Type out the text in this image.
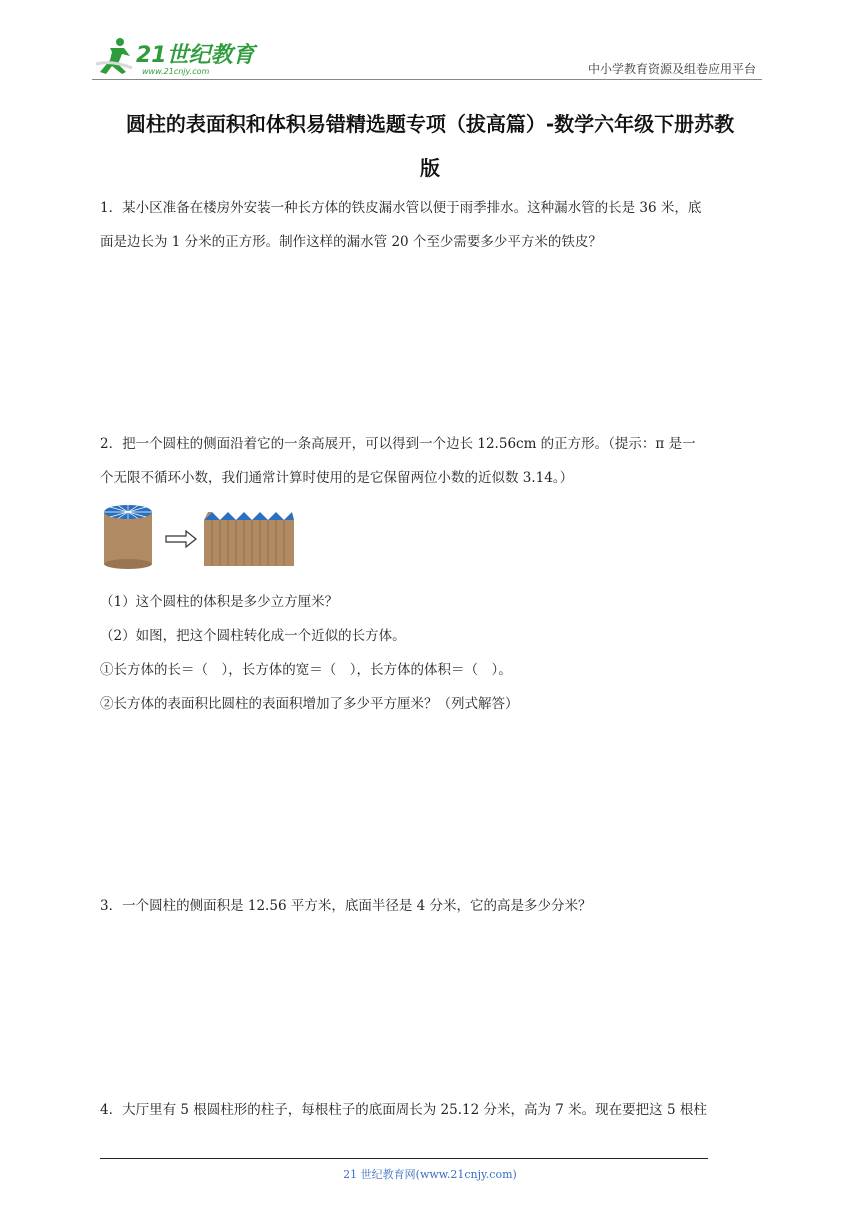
21世纪教育
www.21cnjy.com	中小学教育资源及组卷应用平台
圆柱的表面积和体积易错精选题专项（拔高篇）-数学六年级下册苏教
版
1．某小区准备在楼房外安装一种长方体的铁皮漏水管以便于雨季排水。这种漏水管的长是 36 米，底
面是边长为 1 分米的正方形。制作这样的漏水管 20 个至少需要多少平方米的铁皮？
2．把一个圆柱的侧面沿着它的一条高展开，可以得到一个边长 12.56cm 的正方形。（提示：π 是一
个无限不循环小数，我们通常计算时使用的是它保留两位小数的近似数 3.14。）
（1）这个圆柱的体积是多少立方厘米？
（2）如图，把这个圆柱转化成一个近似的长方体。
①长方体的长＝（　），长方体的宽＝（　），长方体的体积＝（　）。
②长方体的表面积比圆柱的表面积增加了多少平方厘米？（列式解答）
3．一个圆柱的侧面积是 12.56 平方米，底面半径是 4 分米，它的高是多少分米？
4．大厅里有 5 根圆柱形的柱子，每根柱子的底面周长为 25.12 分米，高为 7 米。现在要把这 5 根柱
21 世纪教育网(www.21cnjy.com)
